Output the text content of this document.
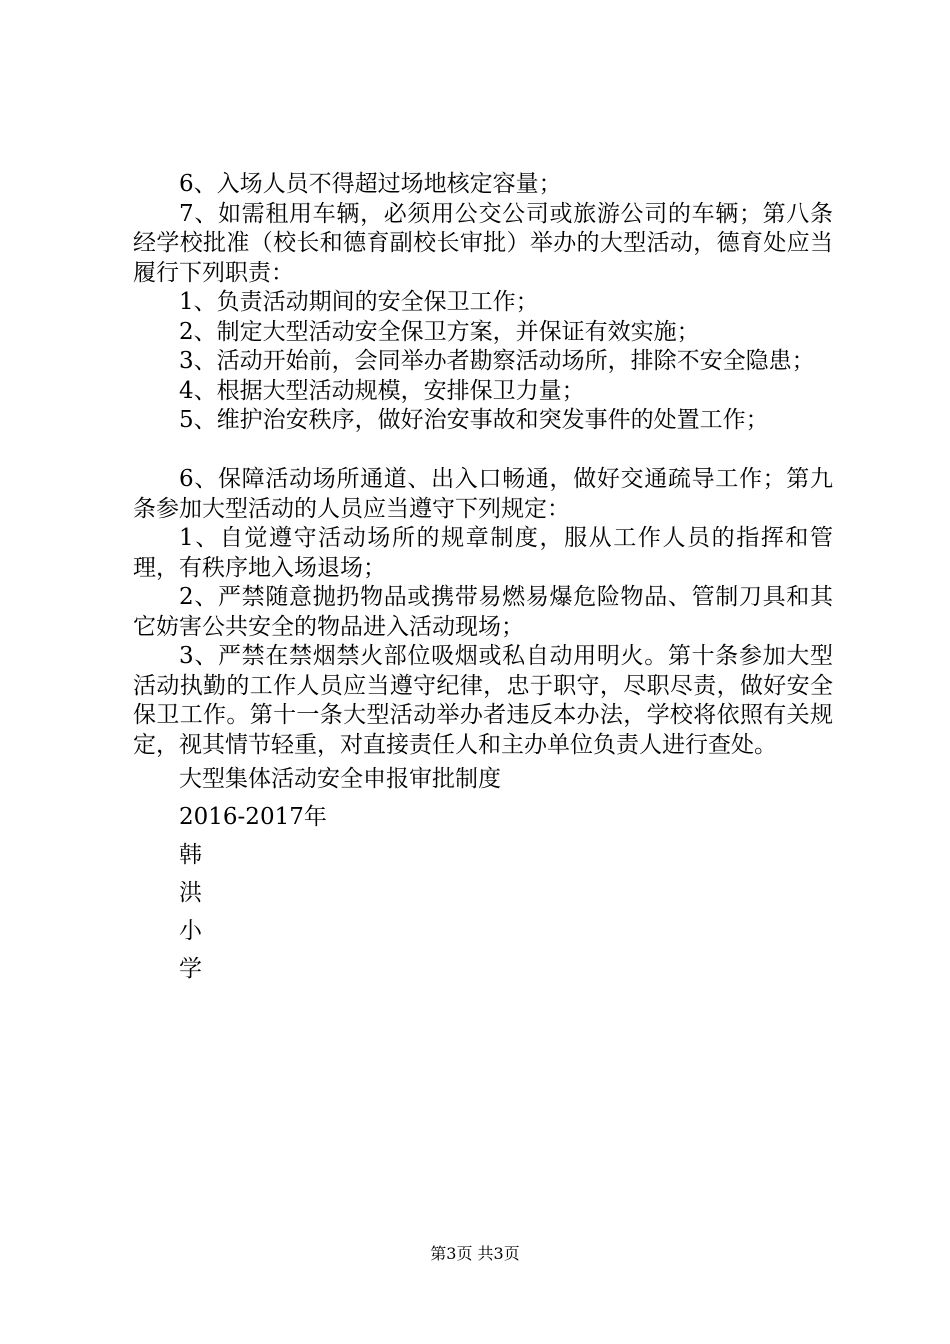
6、入场人员不得超过场地核定容量；

7、如需租用车辆，必须用公交公司或旅游公司的车辆；第八条经学校批准（校长和德育副校长审批）举办的大型活动，德育处应当履行下列职责：

1、负责活动期间的安全保卫工作；

2、制定大型活动安全保卫方案，并保证有效实施；

3、活动开始前，会同举办者勘察活动场所，排除不安全隐患；

4、根据大型活动规模，安排保卫力量；

5、维护治安秩序，做好治安事故和突发事件的处置工作；

6、保障活动场所通道、出入口畅通，做好交通疏导工作；第九条参加大型活动的人员应当遵守下列规定：

1、自觉遵守活动场所的规章制度，服从工作人员的指挥和管理，有秩序地入场退场；

2、严禁随意抛扔物品或携带易燃易爆危险物品、管制刀具和其它妨害公共安全的物品进入活动现场；

3、严禁在禁烟禁火部位吸烟或私自动用明火。第十条参加大型活动执勤的工作人员应当遵守纪律，忠于职守，尽职尽责，做好安全保卫工作。第十一条大型活动举办者违反本办法，学校将依照有关规定，视其情节轻重，对直接责任人和主办单位负责人进行查处。

大型集体活动安全申报审批制度

2016-2017年

韩

洪

小

学

第3页 共3页
